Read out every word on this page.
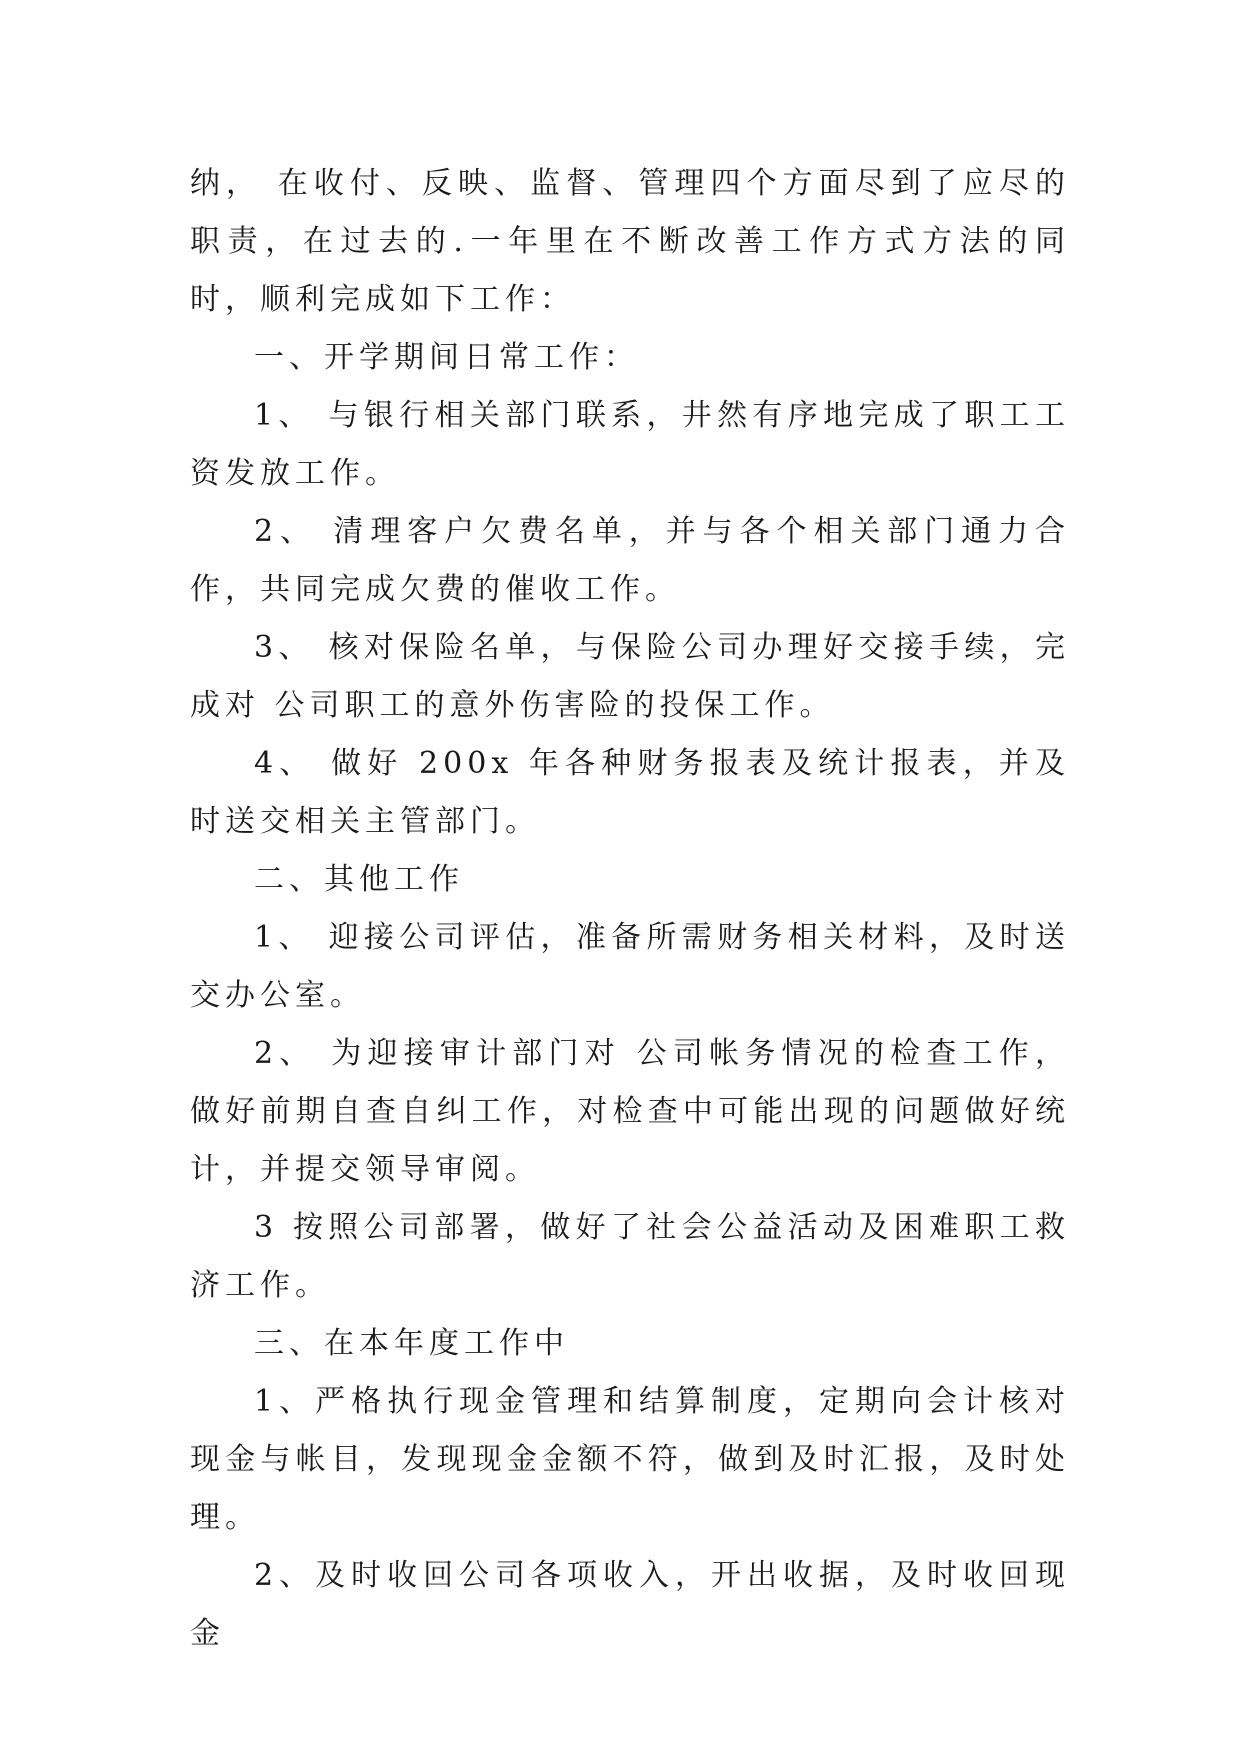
纳， 在收付、反映、监督、管理四个方面尽到了应尽的职责，在过去的.一年里在不断改善工作方式方法的同时，顺利完成如下工作：

一、开学期间日常工作：

1、 与银行相关部门联系，井然有序地完成了职工工资发放工作。

2、 清理客户欠费名单，并与各个相关部门通力合作，共同完成欠费的催收工作。

3、 核对保险名单，与保险公司办理好交接手续，完成对 公司职工的意外伤害险的投保工作。

4、 做好 200x 年各种财务报表及统计报表，并及时送交相关主管部门。

二、其他工作

1、 迎接公司评估，准备所需财务相关材料，及时送交办公室。

2、 为迎接审计部门对 公司帐务情况的检查工作，做好前期自查自纠工作，对检查中可能出现的问题做好统计，并提交领导审阅。

3 按照公司部署，做好了社会公益活动及困难职工救济工作。

三、在本年度工作中

1、严格执行现金管理和结算制度，定期向会计核对现金与帐目，发现现金金额不符，做到及时汇报，及时处理。

2、及时收回公司各项收入，开出收据，及时收回现金
